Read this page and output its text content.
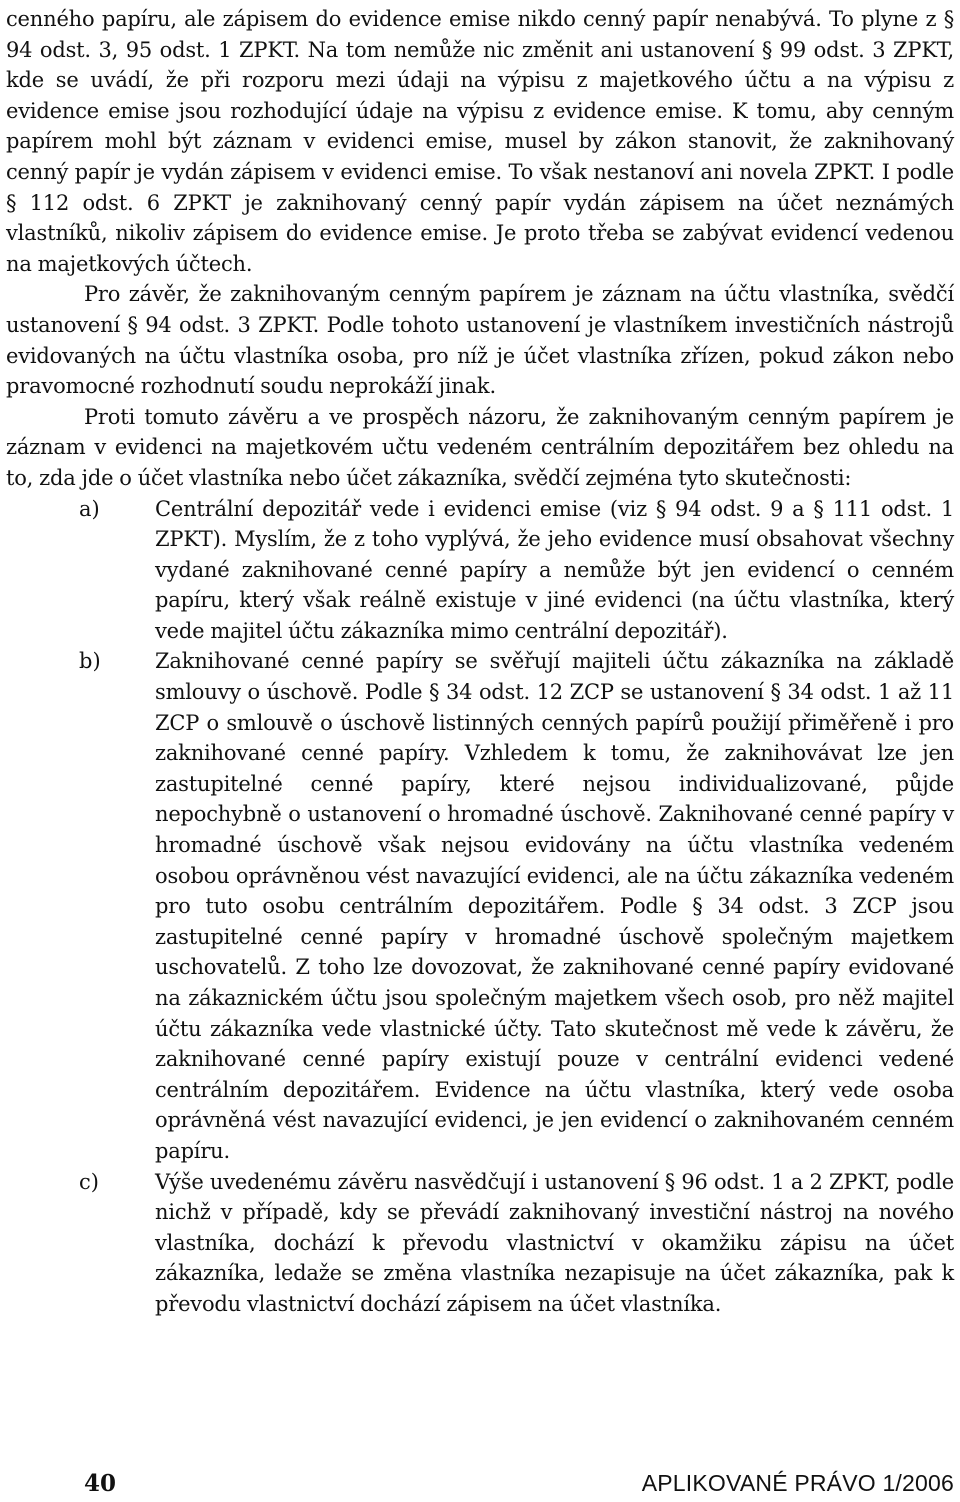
cenného papíru, ale zápisem do evidence emise nikdo cenný papír nenabývá. To plyne z § 94 odst. 3, 95 odst. 1 ZPKT. Na tom nemůže nic změnit ani ustanovení § 99 odst. 3 ZPKT, kde se uvádí, že při rozporu mezi údaji na výpisu z majetkového účtu a na výpisu z evidence emise jsou rozhodující údaje na výpisu z evidence emise. K tomu, aby cenným papírem mohl být záznam v evidenci emise, musel by zákon stanovit, že zaknihovaný cenný papír je vydán zápisem v evidenci emise. To však nestanoví ani novela ZPKT. I podle § 112 odst. 6 ZPKT je zaknihovaný cenný papír vydán zápisem na účet neznámých vlastníků, nikoliv zápisem do evidence emise. Je proto třeba se zabývat evidencí vedenou na majetkových účtech.

Pro závěr, že zaknihovaným cenným papírem je záznam na účtu vlastníka, svědčí ustanovení § 94 odst. 3 ZPKT. Podle tohoto ustanovení je vlastníkem investičních nástrojů evidovaných na účtu vlastníka osoba, pro níž je účet vlastníka zřízen, pokud zákon nebo pravomocné rozhodnutí soudu neprokáží jinak.

Proti tomuto závěru a ve prospěch názoru, že zaknihovaným cenným papírem je záznam v evidenci na majetkovém učtu vedeném centrálním depozitářem bez ohledu na to, zda jde o účet vlastníka nebo účet zákazníka, svědčí zejména tyto skutečnosti:

a)	Centrální depozitář vede i evidenci emise (viz § 94 odst. 9 a § 111 odst. 1 ZPKT). Myslím, že z toho vyplývá, že jeho evidence musí obsahovat všechny vydané zaknihované cenné papíry a nemůže být jen evidencí o cenném papíru, který však reálně existuje v jiné evidenci (na účtu vlastníka, který vede majitel účtu zákazníka mimo centrální depozitář).

b)	Zaknihované cenné papíry se svěřují majiteli účtu zákazníka na základě smlouvy o úschově. Podle § 34 odst. 12 ZCP se ustanovení § 34 odst. 1 až 11 ZCP o smlouvě o úschově listinných cenných papírů použijí přiměřeně i pro zaknihované cenné papíry. Vzhledem k tomu, že zaknihovávat lze jen zastupitelné cenné papíry, které nejsou individualizované, půjde nepochybně o ustanovení o hromadné úschově. Zaknihované cenné papíry v hromadné úschově však nejsou evidovány na účtu vlastníka vedeném osobou oprávněnou vést navazující evidenci, ale na účtu zákazníka vedeném pro tuto osobu centrálním depozitářem. Podle § 34 odst. 3 ZCP jsou zastupitelné cenné papíry v hromadné úschově společným majetkem uschovatelů. Z toho lze dovozovat, že zaknihované cenné papíry evidované na zákaznickém účtu jsou společným majetkem všech osob, pro něž majitel účtu zákazníka vede vlastnické účty. Tato skutečnost mě vede k závěru, že zaknihované cenné papíry existují pouze v centrální evidenci vedené centrálním depozitářem. Evidence na účtu vlastníka, který vede osoba oprávněná vést navazující evidenci, je jen evidencí o zaknihovaném cenném papíru.

c)	Výše uvedenému závěru nasvědčují i ustanovení § 96 odst. 1 a 2 ZPKT, podle nichž v případě, kdy se převádí zaknihovaný investiční nástroj na nového vlastníka, dochází k převodu vlastnictví v okamžiku zápisu na účet zákazníka, ledaže se změna vlastníka nezapisuje na účet zákazníka, pak k převodu vlastnictví dochází zápisem na účet vlastníka.

40	APLIKOVANÉ PRÁVO 1/2006
